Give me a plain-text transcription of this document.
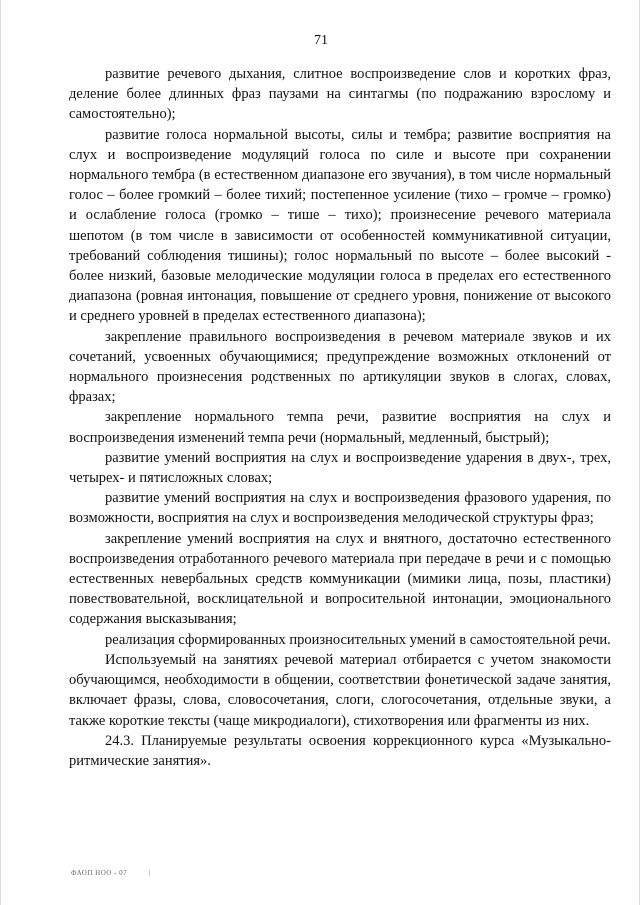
71

развитие речевого дыхания, слитное воспроизведение слов и коротких фраз, деление более длинных фраз паузами на синтагмы (по подражанию взрослому и самостоятельно);

развитие голоса нормальной высоты, силы и тембра; развитие восприятия на слух и воспроизведение модуляций голоса по силе и высоте при сохранении нормального тембра (в естественном диапазоне его звучания), в том числе нормальный голос – более громкий – более тихий; постепенное усиление (тихо – громче – громко) и ослабление голоса (громко – тише – тихо); произнесение речевого материала шепотом (в том числе в зависимости от особенностей коммуникативной ситуации, требований соблюдения тишины); голос нормальный по высоте – более высокий - более низкий, базовые мелодические модуляции голоса в пределах его естественного диапазона (ровная интонация, повышение от среднего уровня, понижение от высокого и среднего уровней в пределах естественного диапазона);

закрепление правильного воспроизведения в речевом материале звуков и их сочетаний, усвоенных обучающимися; предупреждение возможных отклонений от нормального произнесения родственных по артикуляции звуков в слогах, словах, фразах;

закрепление нормального темпа речи, развитие восприятия на слух и воспроизведения изменений темпа речи (нормальный, медленный, быстрый);

развитие умений восприятия на слух и воспроизведение ударения в двух-, трех, четырех- и пятисложных словах;

развитие умений восприятия на слух и воспроизведения фразового ударения, по возможности, восприятия на слух и воспроизведения мелодической структуры фраз;

закрепление умений восприятия на слух и внятного, достаточно естественного воспроизведения отработанного речевого материала при передаче в речи и с помощью естественных невербальных средств коммуникации (мимики лица, позы, пластики) повествовательной, восклицательной и вопросительной интонации, эмоционального содержания высказывания;

реализация сформированных произносительных умений в самостоятельной речи.

Используемый на занятиях речевой материал отбирается с учетом знакомости обучающимся, необходимости в общении, соответствии фонетической задаче занятия, включает фразы, слова, словосочетания, слоги, слогосочетания, отдельные звуки, а также короткие тексты (чаще микродиалоги), стихотворения или фрагменты из них.

24.3. Планируемые результаты освоения коррекционного курса «Музыкально-ритмические занятия».

ФАОП НОО - 07	|
